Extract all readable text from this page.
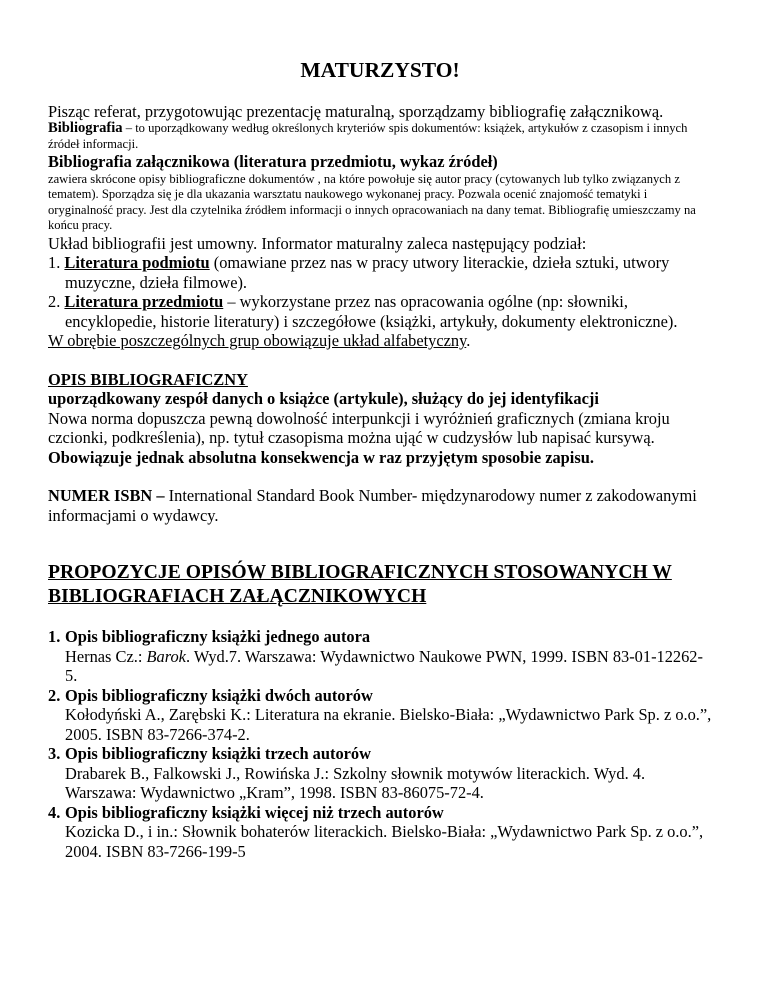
MATURZYSTO!

Pisząc referat, przygotowując prezentację maturalną, sporządzamy bibliografię załącznikową.

Bibliografia – to uporządkowany według określonych kryteriów spis dokumentów: książek, artykułów z czasopism i innych źródeł informacji.

Bibliografia załącznikowa (literatura przedmiotu, wykaz źródeł)

zawiera skrócone opisy bibliograficzne dokumentów , na które powołuje się autor pracy (cytowanych lub tylko związanych z tematem). Sporządza się je dla ukazania warsztatu naukowego wykonanej pracy. Pozwala ocenić znajomość tematyki i oryginalność pracy. Jest dla czytelnika źródłem informacji o innych opracowaniach na dany temat. Bibliografię umieszczamy na końcu pracy.

Układ bibliografii jest umowny. Informator maturalny zaleca następujący podział:

1. Literatura podmiotu (omawiane przez nas w pracy utwory literackie, dzieła sztuki, utwory muzyczne, dzieła filmowe).

2. Literatura przedmiotu – wykorzystane przez nas opracowania ogólne (np: słowniki, encyklopedie, historie literatury) i szczegółowe (książki, artykuły, dokumenty elektroniczne).

W obrębie poszczególnych grup obowiązuje układ alfabetyczny.

OPIS BIBLIOGRAFICZNY

uporządkowany zespół danych o książce (artykule), służący do jej identyfikacji

Nowa norma dopuszcza pewną dowolność interpunkcji i wyróżnień graficznych (zmiana kroju czcionki, podkreślenia), np. tytuł czasopisma można ująć w cudzysłów lub napisać kursywą.

Obowiązuje jednak absolutna konsekwencja w raz przyjętym sposobie zapisu.

NUMER ISBN – International Standard Book Number- międzynarodowy numer z zakodowanymi informacjami o wydawcy.

PROPOZYCJE OPISÓW BIBLIOGRAFICZNYCH STOSOWANYCH W BIBLIOGRAFIACH ZAŁĄCZNIKOWYCH

1. Opis bibliograficzny książki jednego autora

Hernas Cz.: Barok. Wyd.7. Warszawa: Wydawnictwo Naukowe PWN, 1999. ISBN 83-01-12262-5.

2. Opis bibliograficzny książki dwóch autorów

Kołodyński A., Zarębski K.: Literatura na ekranie. Bielsko-Biała: „Wydawnictwo Park Sp. z o.o.”, 2005. ISBN 83-7266-374-2.

3. Opis bibliograficzny książki trzech autorów

Drabarek B., Falkowski J., Rowińska J.: Szkolny słownik motywów literackich. Wyd. 4. Warszawa: Wydawnictwo „Kram”, 1998. ISBN 83-86075-72-4.

4. Opis bibliograficzny książki więcej niż trzech autorów

Kozicka D., i in.: Słownik bohaterów literackich. Bielsko-Biała: „Wydawnictwo Park Sp. z o.o.”, 2004. ISBN 83-7266-199-5
